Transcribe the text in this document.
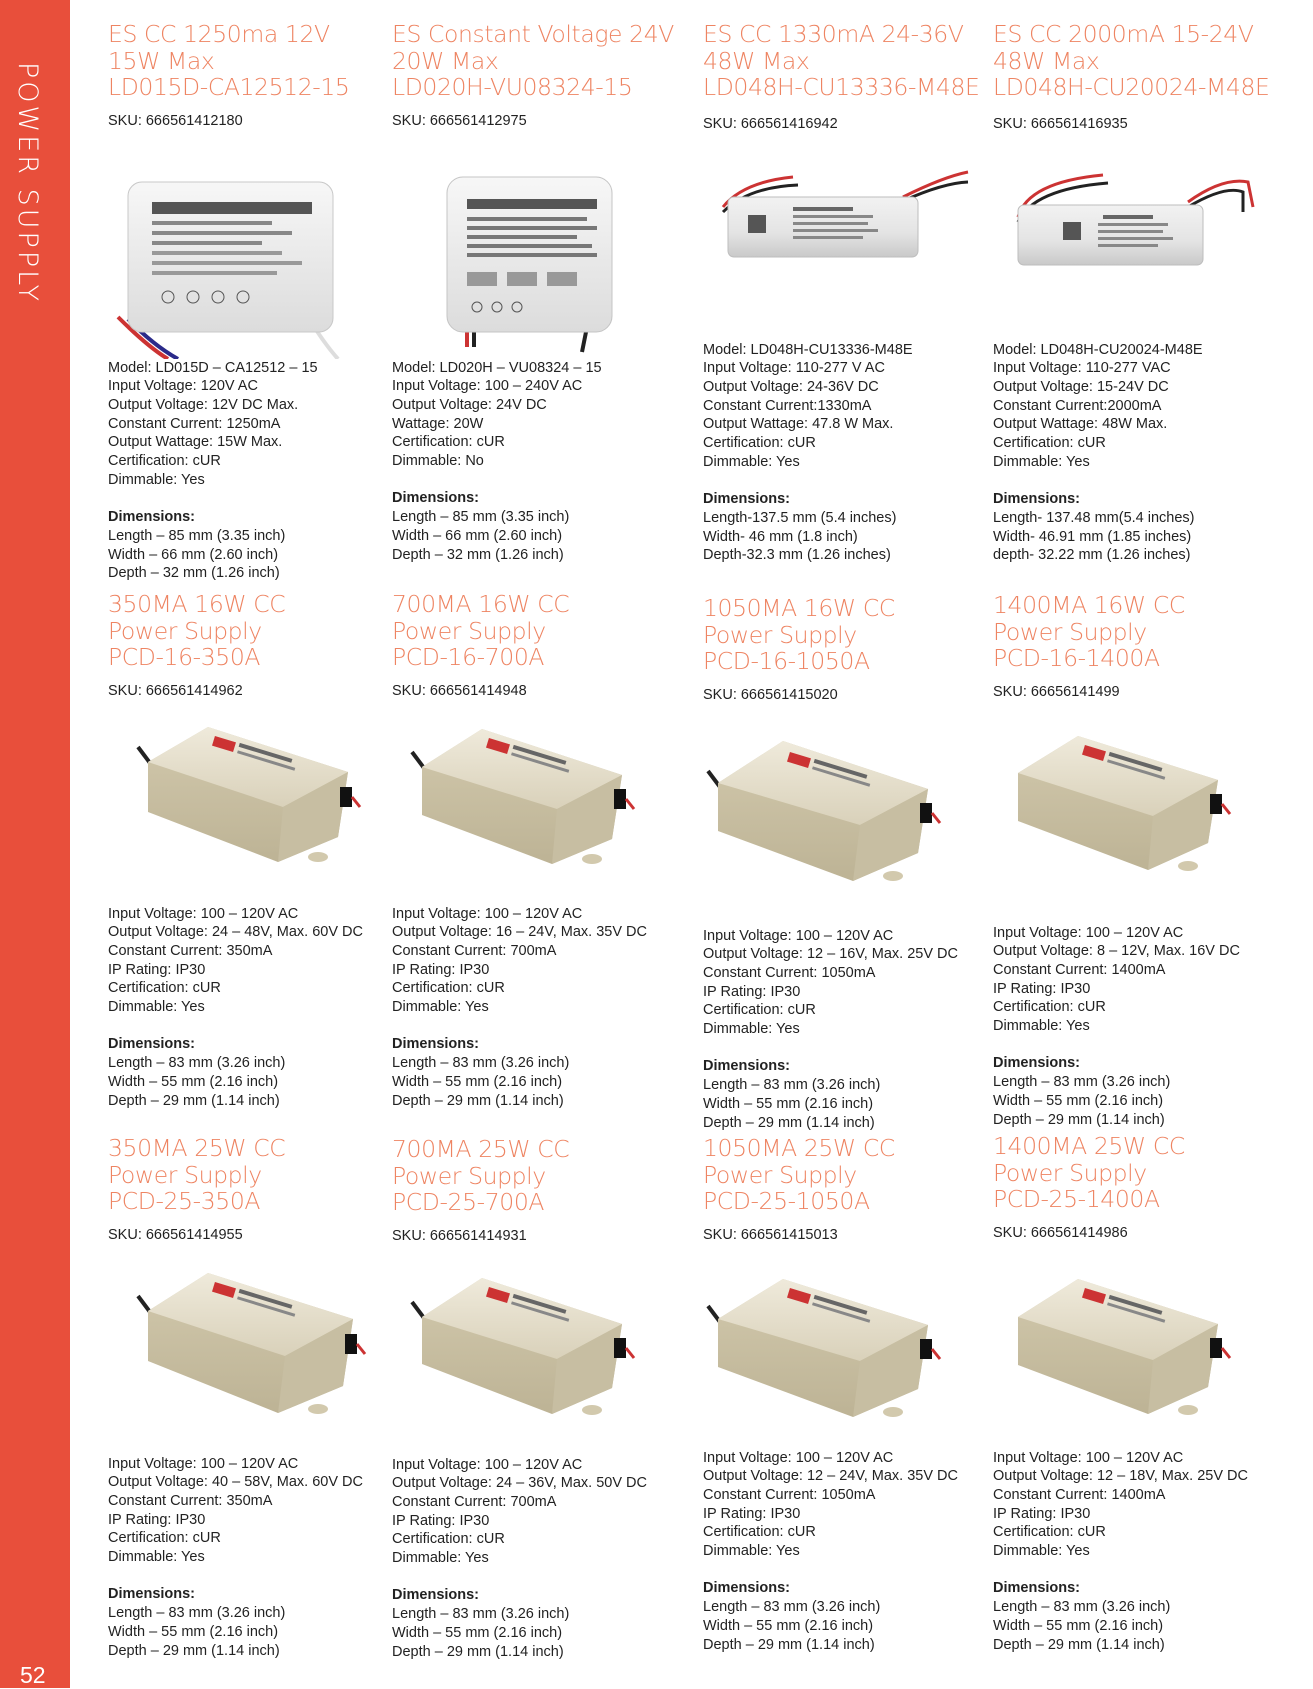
POWER SUPPLY
52
ES CC 1250ma 12V
15W Max
LD015D-CA12512-15
SKU: 666561412180
Model: LD015D – CA12512 – 15
Input Voltage: 120V AC
Output Voltage: 12V DC Max.
Constant Current: 1250mA
Output Wattage: 15W Max.
Certification: cUR
Dimmable: Yes
Dimensions:
Length – 85 mm (3.35 inch)
Width – 66 mm (2.60 inch)
Depth – 32 mm (1.26 inch)
ES Constant Voltage 24V
20W Max
LD020H-VU08324-15
SKU: 666561412975
Model: LD020H – VU08324 – 15
Input Voltage: 100 – 240V AC
Output Voltage: 24V DC
Wattage: 20W
Certification: cUR
Dimmable: No
Dimensions:
Length – 85 mm (3.35 inch)
Width – 66 mm (2.60 inch)
Depth – 32 mm (1.26 inch)
ES CC 1330mA 24-36V
48W Max
LD048H-CU13336-M48E
SKU: 666561416942
Model: LD048H-CU13336-M48E
Input Voltage: 110-277 V AC
Output Voltage: 24-36V DC
Constant Current:1330mA
Output Wattage: 47.8 W Max.
Certification: cUR
Dimmable: Yes
Dimensions:
Length-137.5 mm (5.4 inches)
Width- 46 mm (1.8 inch)
Depth-32.3 mm (1.26 inches)
ES CC 2000mA 15-24V
48W Max
LD048H-CU20024-M48E
SKU: 666561416935
Model: LD048H-CU20024-M48E
Input Voltage: 110-277 VAC
Output Voltage: 15-24V DC
Constant Current:2000mA
Output Wattage: 48W Max.
Certification: cUR
Dimmable: Yes
Dimensions:
Length- 137.48 mm(5.4 inches)
Width- 46.91 mm (1.85 inches)
depth- 32.22 mm (1.26 inches)
350MA 16W CC
Power Supply
PCD-16-350A
SKU: 666561414962
Input Voltage: 100 – 120V AC
Output Voltage: 24 – 48V, Max. 60V DC
Constant Current: 350mA
IP Rating: IP30
Certification: cUR
Dimmable: Yes
Dimensions:
Length – 83 mm (3.26 inch)
Width – 55 mm (2.16 inch)
Depth – 29 mm (1.14 inch)
700MA 16W CC
Power Supply
PCD-16-700A
SKU: 666561414948
Input Voltage: 100 – 120V AC
Output Voltage: 16 – 24V, Max. 35V DC
Constant Current: 700mA
IP Rating: IP30
Certification: cUR
Dimmable: Yes
Dimensions:
Length – 83 mm (3.26 inch)
Width – 55 mm (2.16 inch)
Depth – 29 mm (1.14 inch)
1050MA 16W CC
Power Supply
PCD-16-1050A
SKU: 666561415020
Input Voltage: 100 – 120V AC
Output Voltage: 12 – 16V, Max. 25V DC
Constant Current: 1050mA
IP Rating: IP30
Certification: cUR
Dimmable: Yes
Dimensions:
Length – 83 mm (3.26 inch)
Width – 55 mm (2.16 inch)
Depth – 29 mm (1.14 inch)
1400MA 16W CC
Power Supply
PCD-16-1400A
SKU: 66656141499
Input Voltage: 100 – 120V AC
Output Voltage: 8 – 12V, Max. 16V DC
Constant Current: 1400mA
IP Rating: IP30
Certification: cUR
Dimmable: Yes
Dimensions:
Length – 83 mm (3.26 inch)
Width – 55 mm (2.16 inch)
Depth – 29 mm (1.14 inch)
350MA 25W CC
Power Supply
PCD-25-350A
SKU: 666561414955
Input Voltage: 100 – 120V AC
Output Voltage: 40 – 58V, Max. 60V DC
Constant Current: 350mA
IP Rating: IP30
Certification: cUR
Dimmable: Yes
Dimensions:
Length – 83 mm (3.26 inch)
Width – 55 mm (2.16 inch)
Depth – 29 mm (1.14 inch)
700MA 25W CC
Power Supply
PCD-25-700A
SKU: 666561414931
Input Voltage: 100 – 120V AC
Output Voltage: 24 – 36V, Max. 50V DC
Constant Current: 700mA
IP Rating: IP30
Certification: cUR
Dimmable: Yes
Dimensions:
Length – 83 mm (3.26 inch)
Width – 55 mm (2.16 inch)
Depth – 29 mm (1.14 inch)
1050MA 25W CC
Power Supply
PCD-25-1050A
SKU: 666561415013
Input Voltage: 100 – 120V AC
Output Voltage: 12 – 24V, Max. 35V DC
Constant Current: 1050mA
IP Rating: IP30
Certification: cUR
Dimmable: Yes
Dimensions:
Length – 83 mm (3.26 inch)
Width – 55 mm (2.16 inch)
Depth – 29 mm (1.14 inch)
1400MA 25W CC
Power Supply
PCD-25-1400A
SKU: 666561414986
Input Voltage: 100 – 120V AC
Output Voltage: 12 – 18V, Max. 25V DC
Constant Current: 1400mA
IP Rating: IP30
Certification: cUR
Dimmable: Yes
Dimensions:
Length – 83 mm (3.26 inch)
Width – 55 mm (2.16 inch)
Depth – 29 mm (1.14 inch)
